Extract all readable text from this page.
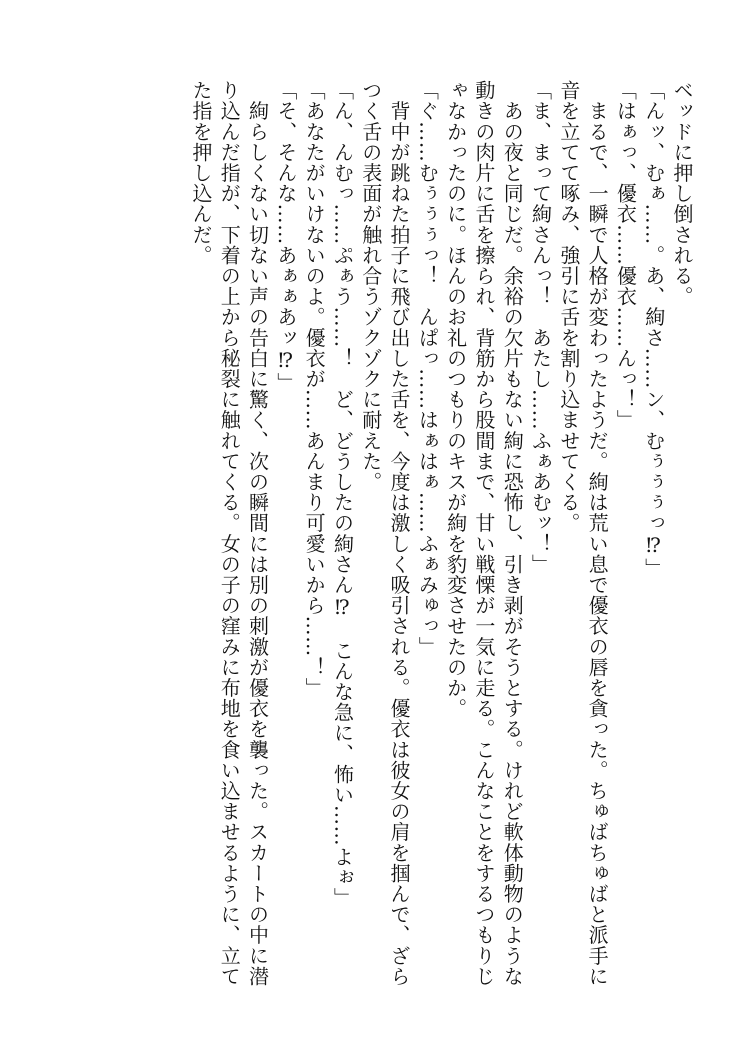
ベッドに押し倒される。
「んッ、むぁ……。あ、絢さ……ン、むぅぅぅっ⁉」
「はぁっ、優衣……優衣……んっ！」
　まるで、一瞬で人格が変わったようだ。絢は荒い息で優衣の唇を貪った。ちゅばちゅばと派手に
音を立てて啄み、強引に舌を割り込ませてくる。
「ま、まって絢さんっ！　あたし……ふぁあむッ！」
　あの夜と同じだ。余裕の欠片もない絢に恐怖し、引き剥がそうとする。けれど軟体動物のような
動きの肉片に舌を擦られ、背筋から股間まで、甘い戦慄が一気に走る。こんなことをするつもりじ
ゃなかったのに。ほんのお礼のつもりのキスが絢を豹変させたのか。
「ぐ……むぅぅぅっ！　んぱっ……はぁはぁ……ふぁみゅっ」
　背中が跳ねた拍子に飛び出した舌を、今度は激しく吸引される。優衣は彼女の肩を掴んで、ざら
つく舌の表面が触れ合うゾクゾクに耐えた。
「ん、んむっ……ぷぁう……！　ど、どうしたの絢さん⁉　こんな急に、怖い……よぉ」
「あなたがいけないのよ。優衣が……あんまり可愛いから……！」
「そ、そんな……あぁぁあッ⁉」
　絢らしくない切ない声の告白に驚く、次の瞬間には別の刺激が優衣を襲った。スカートの中に潜
り込んだ指が、下着の上から秘裂に触れてくる。女の子の窪みに布地を食い込ませるように、立て
た指を押し込んだ。
